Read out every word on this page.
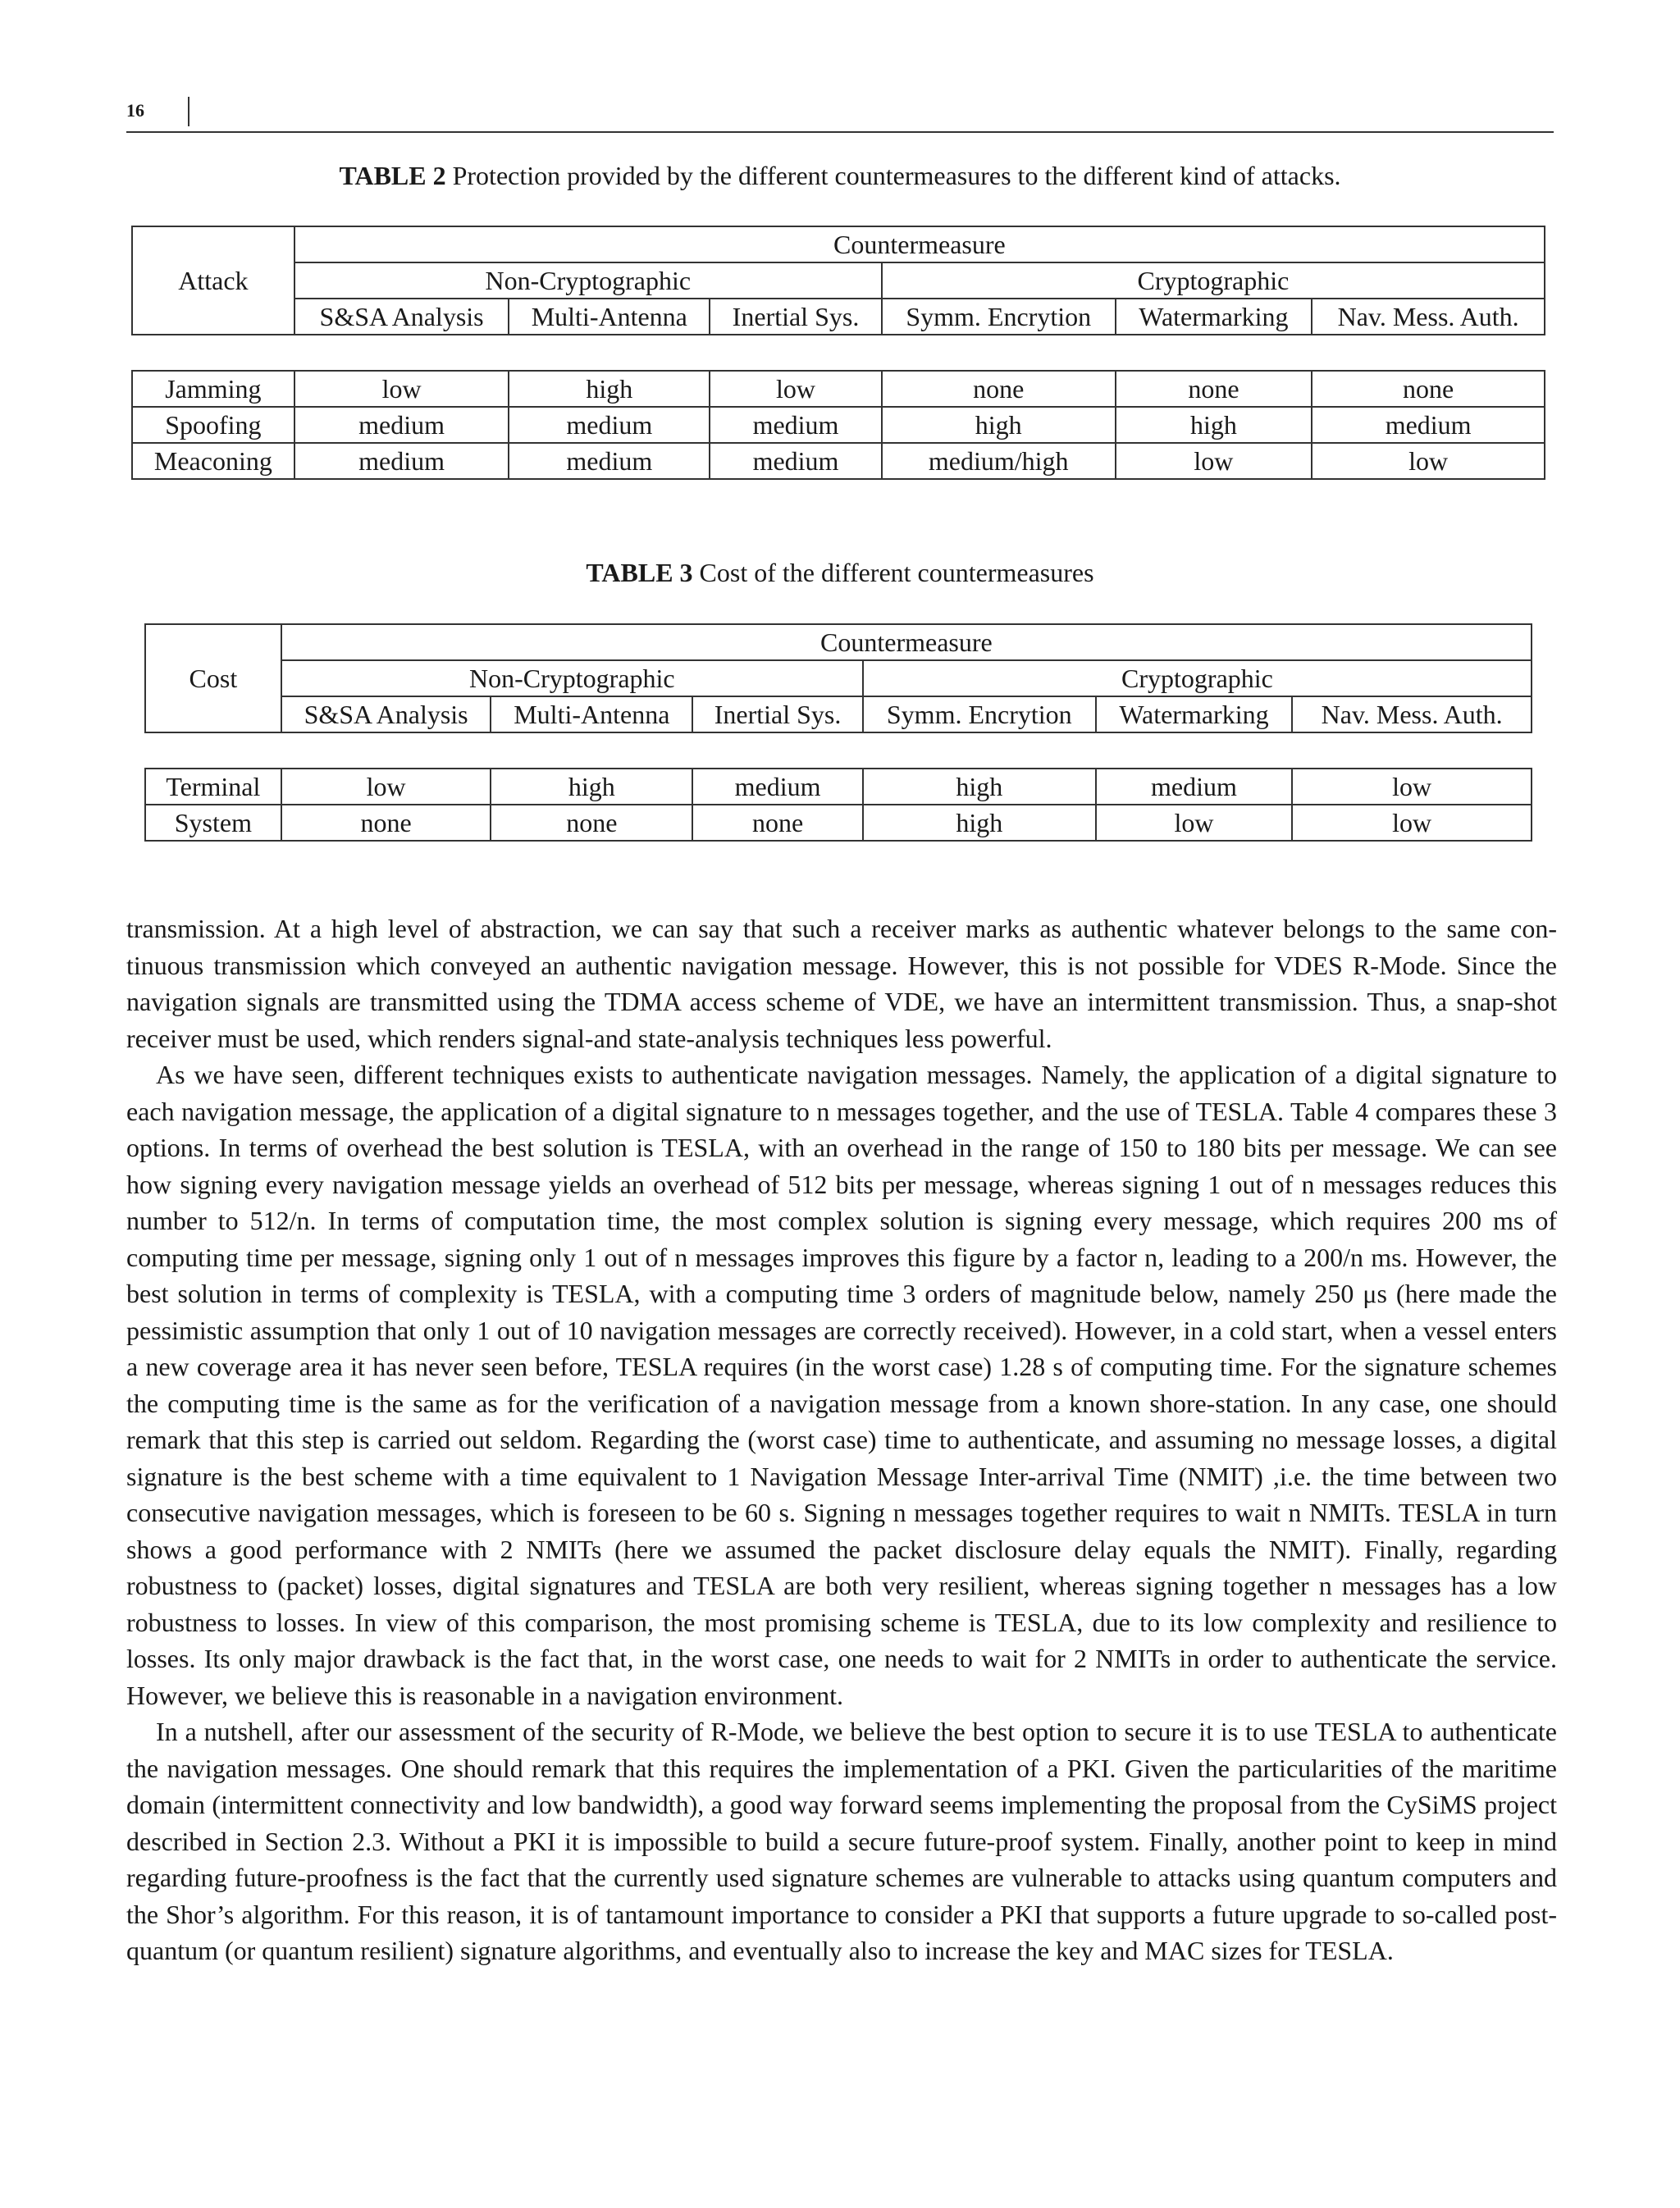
16
TABLE 2 Protection provided by the different countermeasures to the different kind of attacks.
Attack	Countermeasure					
	Non-Cryptographic			Cryptographic		
	S&SA Analysis	Multi-Antenna	Inertial Sys.	Symm. Encrytion	Watermarking	Nav. Mess. Auth.

Jamming	low	high	low	none	none	none
Spoofing	medium	medium	medium	high	high	medium
Meaconing	medium	medium	medium	medium/high	low	low
TABLE 3 Cost of the different countermeasures
Cost	Countermeasure					
	Non-Cryptographic			Cryptographic		
	S&SA Analysis	Multi-Antenna	Inertial Sys.	Symm. Encrytion	Watermarking	Nav. Mess. Auth.

Terminal	low	high	medium	high	medium	low
System	none	none	none	high	low	low

transmission. At a high level of abstraction, we can say that such a receiver marks as authentic whatever belongs to the same con-tinuous transmission which conveyed an authentic navigation message. However, this is not possible for VDES R-Mode. Since the navigation signals are transmitted using the TDMA access scheme of VDE, we have an intermittent transmission. Thus, a snap-shot receiver must be used, which renders signal-and state-analysis techniques less powerful.

As we have seen, different techniques exists to authenticate navigation messages. Namely, the application of a digital signature to each navigation message, the application of a digital signature to n messages together, and the use of TESLA. Table 4 compares these 3 options. In terms of overhead the best solution is TESLA, with an overhead in the range of 150 to 180 bits per message. We can see how signing every navigation message yields an overhead of 512 bits per message, whereas signing 1 out of n messages reduces this number to 512/n. In terms of computation time, the most complex solution is signing every message, which requires 200 ms of computing time per message, signing only 1 out of n messages improves this figure by a factor n, leading to a 200/n ms. However, the best solution in terms of complexity is TESLA, with a computing time 3 orders of magnitude below, namely 250 μs (here made the pessimistic assumption that only 1 out of 10 navigation messages are correctly received). However, in a cold start, when a vessel enters a new coverage area it has never seen before, TESLA requires (in the worst case) 1.28 s of computing time. For the signature schemes the computing time is the same as for the verification of a navigation message from a known shore-station. In any case, one should remark that this step is carried out seldom. Regarding the (worst case) time to authenticate, and assuming no message losses, a digital signature is the best scheme with a time equivalent to 1 Navigation Message Inter-arrival Time (NMIT) ,i.e. the time between two consecutive navigation messages, which is foreseen to be 60 s. Signing n messages together requires to wait n NMITs. TESLA in turn shows a good performance with 2 NMITs (here we assumed the packet disclosure delay equals the NMIT). Finally, regarding robustness to (packet) losses, digital signatures and TESLA are both very resilient, whereas signing together n messages has a low robustness to losses. In view of this comparison, the most promising scheme is TESLA, due to its low complexity and resilience to losses. Its only major drawback is the fact that, in the worst case, one needs to wait for 2 NMITs in order to authenticate the service. However, we believe this is reasonable in a navigation environment.

In a nutshell, after our assessment of the security of R-Mode, we believe the best option to secure it is to use TESLA to authenticate the navigation messages. One should remark that this requires the implementation of a PKI. Given the particularities of the maritime domain (intermittent connectivity and low bandwidth), a good way forward seems implementing the proposal from the CySiMS project described in Section 2.3. Without a PKI it is impossible to build a secure future-proof system. Finally, another point to keep in mind regarding future-proofness is the fact that the currently used signature schemes are vulnerable to attacks using quantum computers and the Shor’s algorithm. For this reason, it is of tantamount importance to consider a PKI that supports a future upgrade to so-called post-quantum (or quantum resilient) signature algorithms, and eventually also to increase the key and MAC sizes for TESLA.
